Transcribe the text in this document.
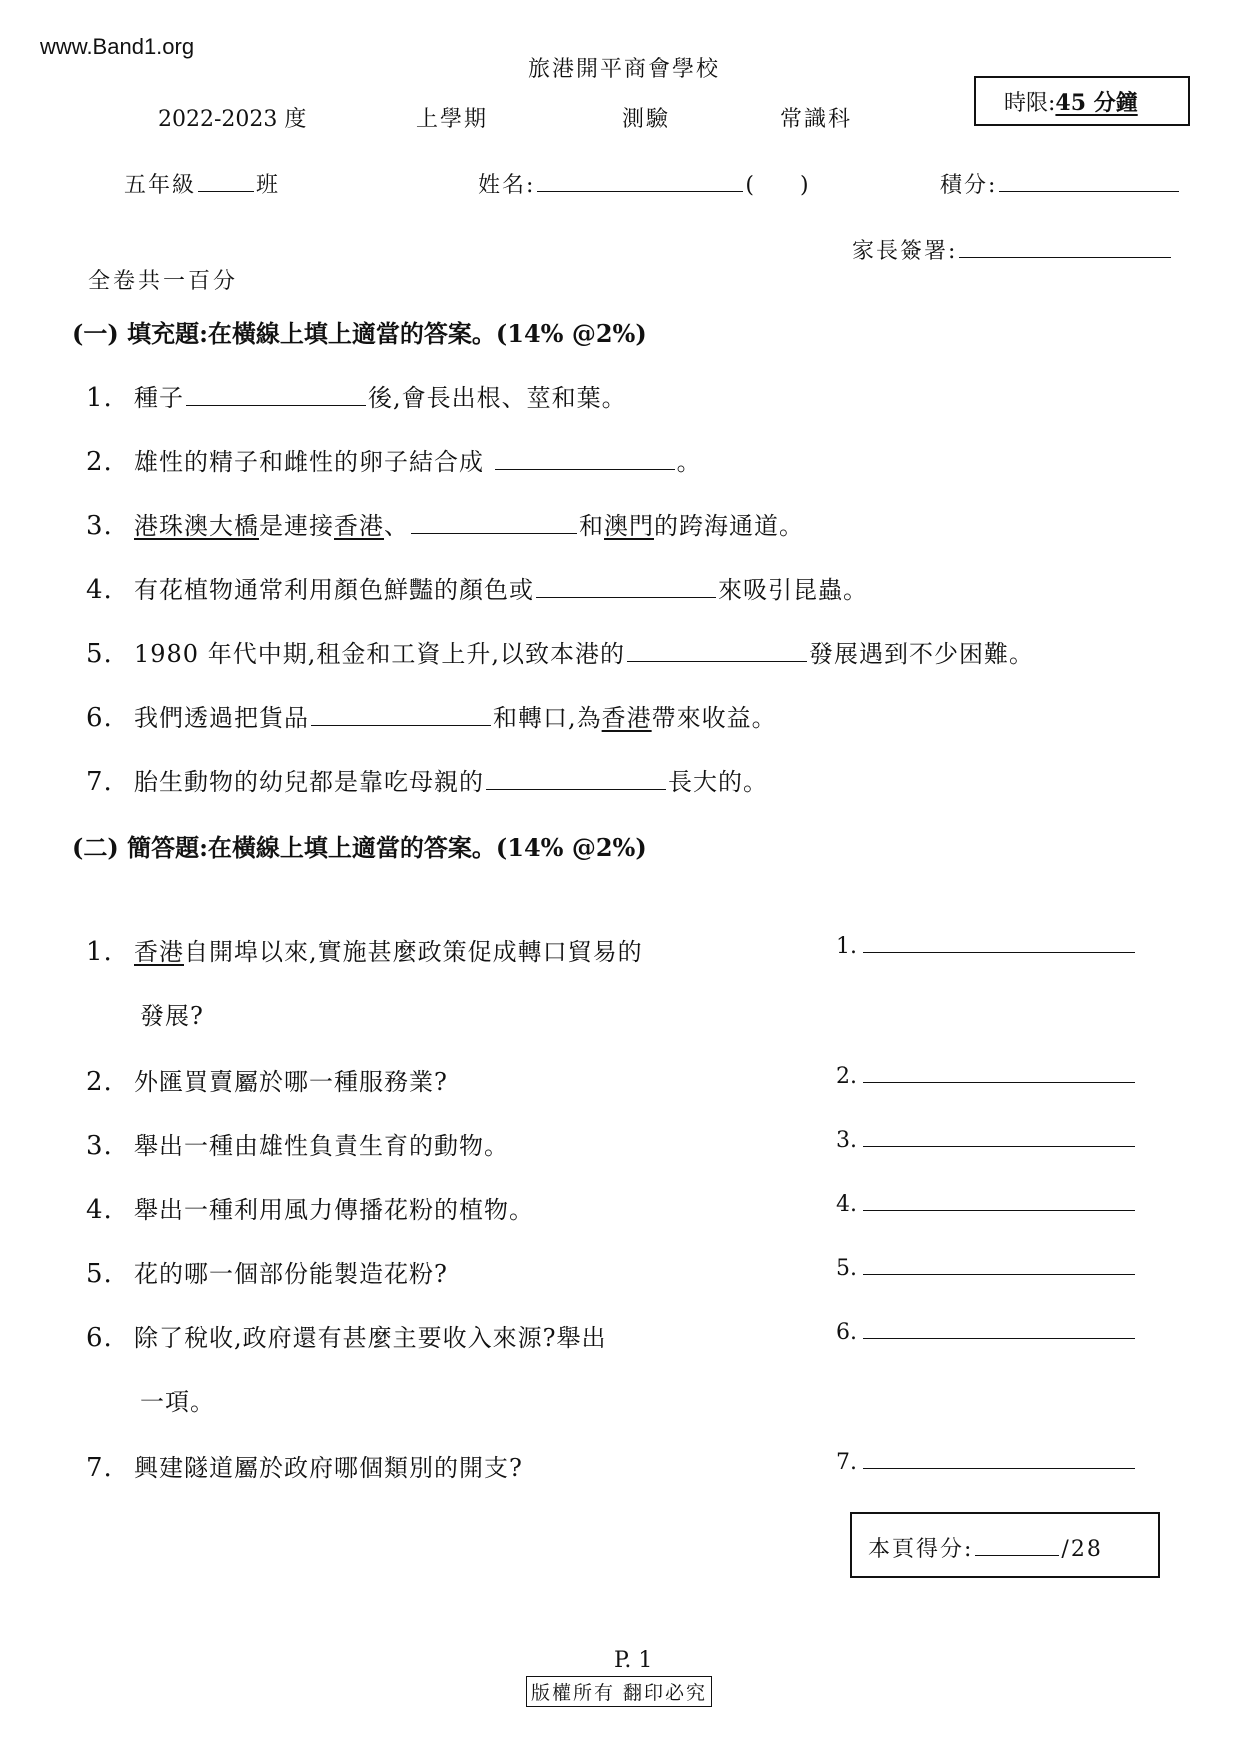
www.Band1.org
旅港開平商會學校
時限:45 分鐘
2022-2023 度	上學期	測驗	常識科
五年級	班	姓名:	( )	積分:
家長簽署:
全卷共一百分
(一) 填充題:在橫線上填上適當的答案。(14% @2%)
1. 種子	後,會長出根、莖和葉。
2. 雄性的精子和雌性的卵子結合成	。
3. 港珠澳大橋是連接香港、	和澳門的跨海通道。
4. 有花植物通常利用顏色鮮豔的顏色或	來吸引昆蟲。
5. 1980 年代中期,租金和工資上升,以致本港的	發展遇到不少困難。
6. 我們透過把貨品	和轉口,為香港帶來收益。
7. 胎生動物的幼兒都是靠吃母親的	長大的。
(二) 簡答題:在橫線上填上適當的答案。(14% @2%)
1. 香港自開埠以來,實施甚麼政策促成轉口貿易的
發展?
1.
2. 外匯買賣屬於哪一種服務業?	2.
3. 舉出一種由雄性負責生育的動物。	3.
4. 舉出一種利用風力傳播花粉的植物。	4.
5. 花的哪一個部份能製造花粉?	5.
6. 除了稅收,政府還有甚麼主要收入來源?舉出
一項。
6.
7. 興建隧道屬於政府哪個類別的開支?	7.
本頁得分:	/28
P. 1
版權所有 翻印必究
